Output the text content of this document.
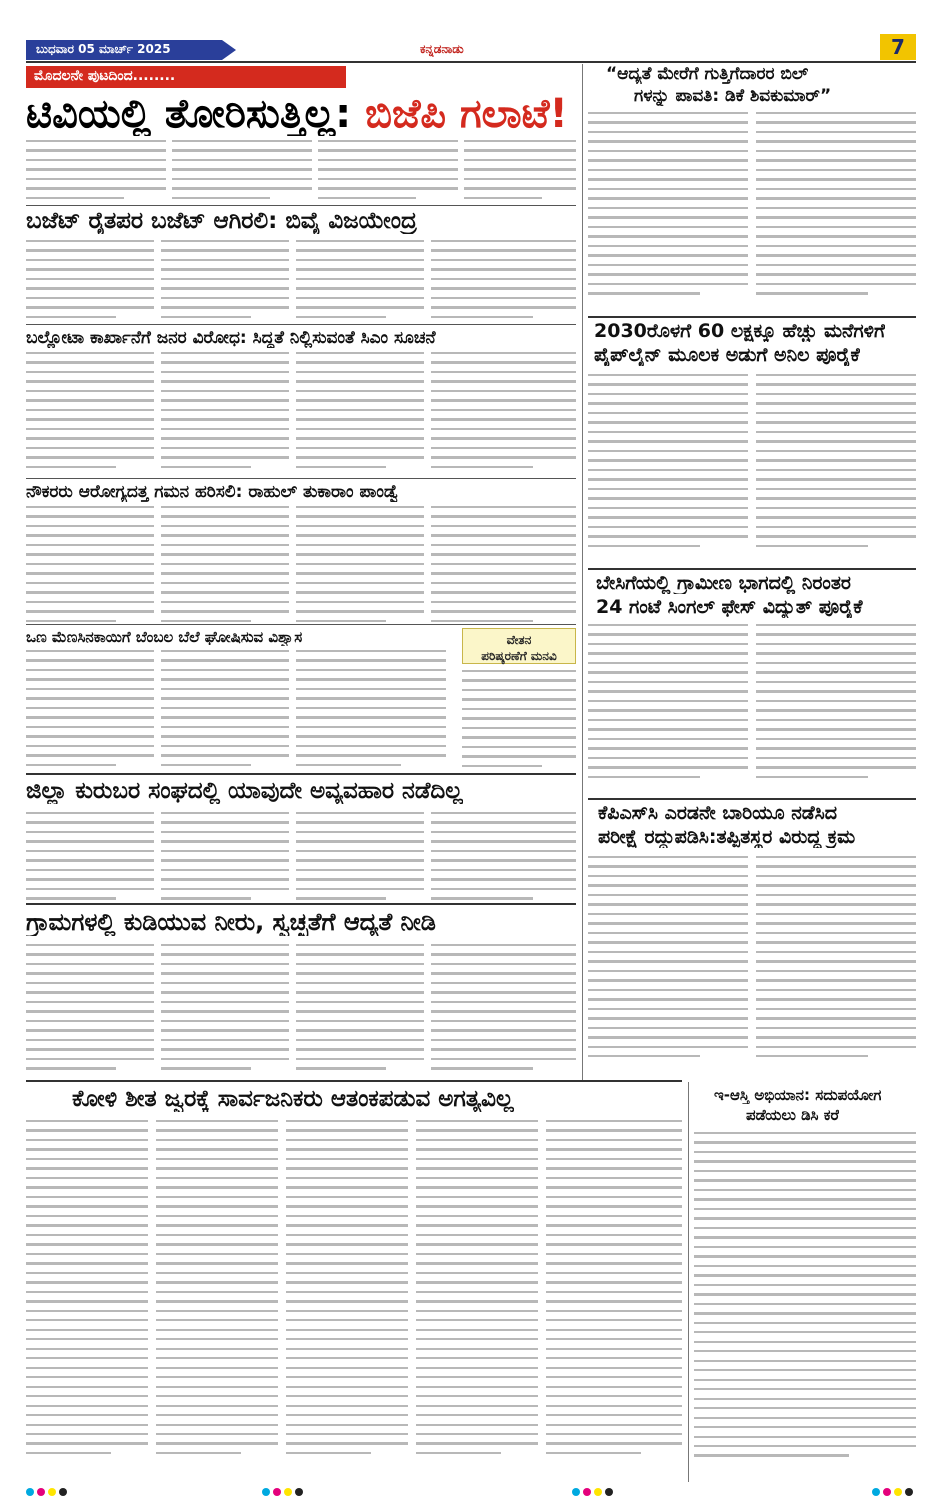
ಬುಧವಾರ 05 ಮಾರ್ಚ್ 2025	ಕನ್ನಡನಾಡು	7
ಮೊದಲನೇ ಪುಟದಿಂದ........
ಟಿವಿಯಲ್ಲಿ ತೋರಿಸುತ್ತಿಲ್ಲ: ಬಿಜೆಪಿ ಗಲಾಟೆ!
ಬಜೆಟ್ ರೈತಪರ ಬಜೆಟ್ ಆಗಿರಲಿ: ಬಿವೈ ವಿಜಯೇಂದ್ರ
ಬಲ್ಲೋಟಾ ಕಾರ್ಖಾನೆಗೆ ಜನರ ವಿರೋಧ: ಸಿದ್ದತೆ ನಿಲ್ಲಿಸುವಂತೆ ಸಿಎಂ ಸೂಚನೆ
ನೌಕರರು ಆರೋಗ್ಯದತ್ತ ಗಮನ ಹರಿಸಲಿ: ರಾಹುಲ್ ತುಕಾರಾಂ ಪಾಂಡ್ವೆ
ಒಣ ಮೆಣಸಿನಕಾಯಿಗೆ ಬೆಂಬಲ ಬೆಲೆ ಘೋಷಿಸುವ ವಿಶ್ವಾಸ	ವೇತನ
ಪರಿಷ್ಕರಣೆಗೆ ಮನವಿ
ಜಿಲ್ಲಾ ಕುರುಬರ ಸಂಘದಲ್ಲಿ ಯಾವುದೇ ಅವ್ಯವಹಾರ ನಡೆದಿಲ್ಲ
ಗ್ರಾಮಗಳಲ್ಲಿ ಕುಡಿಯುವ ನೀರು, ಸ್ವಚ್ಛತೆಗೆ ಆದ್ಯತೆ ನೀಡಿ
ಕೋಳಿ ಶೀತ ಜ್ವರಕ್ಕೆ ಸಾರ್ವಜನಿಕರು ಆತಂಕಪಡುವ ಅಗತ್ಯವಿಲ್ಲ
“ಆದ್ಯತೆ ಮೇರೆಗೆ ಗುತ್ತಿಗೆದಾರರ ಬಿಲ್
ಗಳನ್ನು ಪಾವತಿ: ಡಿಕೆ ಶಿವಕುಮಾರ್”
2030ರೊಳಗೆ 60 ಲಕ್ಷಕ್ಕೂ ಹೆಚ್ಚು ಮನೆಗಳಿಗೆ
ಪೈಪ್‌ಲೈನ್ ಮೂಲಕ ಅಡುಗೆ ಅನಿಲ ಪೂರೈಕೆ
ಬೇಸಿಗೆಯಲ್ಲಿ ಗ್ರಾಮೀಣ ಭಾಗದಲ್ಲಿ ನಿರಂತರ
24 ಗಂಟೆ ಸಿಂಗಲ್ ಫೇಸ್ ವಿದ್ಯುತ್ ಪೂರೈಕೆ
ಕೆಪಿಎಸ್‌ಸಿ ಎರಡನೇ ಬಾರಿಯೂ ನಡೆಸಿದ
ಪರೀಕ್ಷೆ ರದ್ದುಪಡಿಸಿ:ತಪ್ಪಿತಸ್ಥರ ವಿರುದ್ಧ ಕ್ರಮ
ಇ-ಆಸ್ತಿ ಅಭಿಯಾನ: ಸದುಪಯೋಗ
ಪಡೆಯಲು ಡಿಸಿ ಕರೆ
